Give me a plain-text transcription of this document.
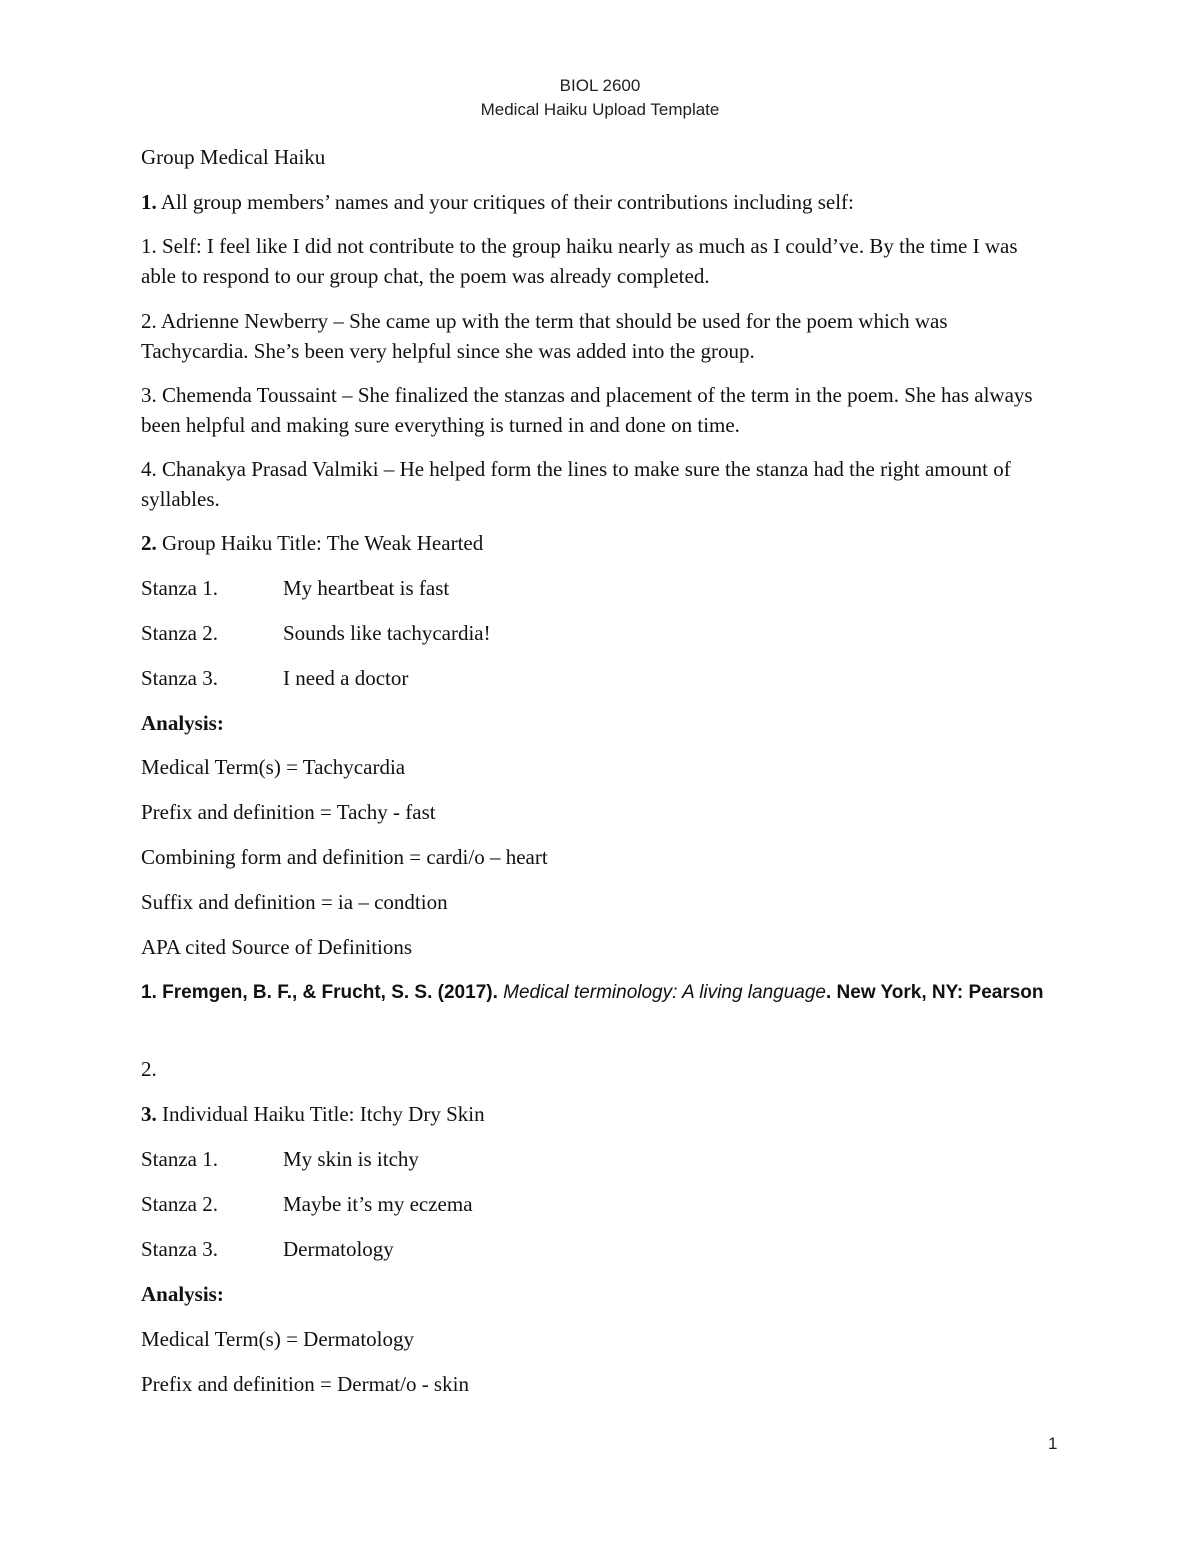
BIOL 2600
Medical Haiku Upload Template
Group Medical Haiku
1. All group members’ names and your critiques of their contributions including self:
1. Self: I feel like I did not contribute to the group haiku nearly as much as I could’ve. By the time I was able to respond to our group chat, the poem was already completed.
2. Adrienne Newberry – She came up with the term that should be used for the poem which was Tachycardia. She’s been very helpful since she was added into the group.
3. Chemenda Toussaint – She finalized the stanzas and placement of the term in the poem. She has always been helpful and making sure everything is turned in and done on time.
4. Chanakya Prasad Valmiki – He helped form the lines to make sure the stanza had the right amount of syllables.
2. Group Haiku Title: The Weak Hearted
Stanza 1.	My heartbeat is fast
Stanza 2.	Sounds like tachycardia!
Stanza 3.	I need a doctor
Analysis:
Medical Term(s) = Tachycardia
Prefix and definition = Tachy - fast
Combining form and definition = cardi/o – heart
Suffix and definition = ia – condtion
APA cited Source of Definitions
1. Fremgen, B. F., & Frucht, S. S. (2017). Medical terminology: A living language. New York, NY: Pearson
2.
3. Individual Haiku Title: Itchy Dry Skin
Stanza 1.	My skin is itchy
Stanza 2.	Maybe it’s my eczema
Stanza 3.	Dermatology
Analysis:
Medical Term(s) = Dermatology
Prefix and definition = Dermat/o - skin
1
